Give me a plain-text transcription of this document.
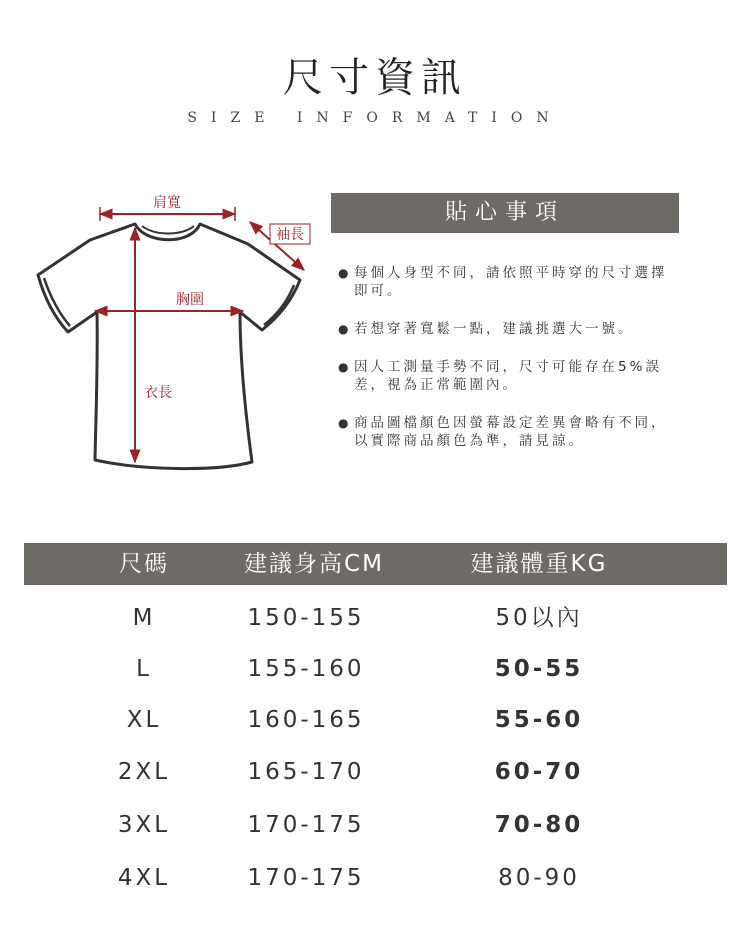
尺寸資訊
SIZE INFORMATION
肩寬
袖長
胸圍
衣長
貼心事項
● 每個人身型不同，請依照平時穿的尺寸選擇即可。
● 若想穿著寬鬆一點，建議挑選大一號。
● 因人工測量手勢不同，尺寸可能存在5%誤差，視為正常範圍內。
● 商品圖檔顏色因螢幕設定差異會略有不同，以實際商品顏色為準，請見諒。
尺碼	建議身高CM	建議體重KG
M	150-155	50以內
L	155-160	50-55
XL	160-165	55-60
2XL	165-170	60-70
3XL	170-175	70-80
4XL	170-175	80-90
